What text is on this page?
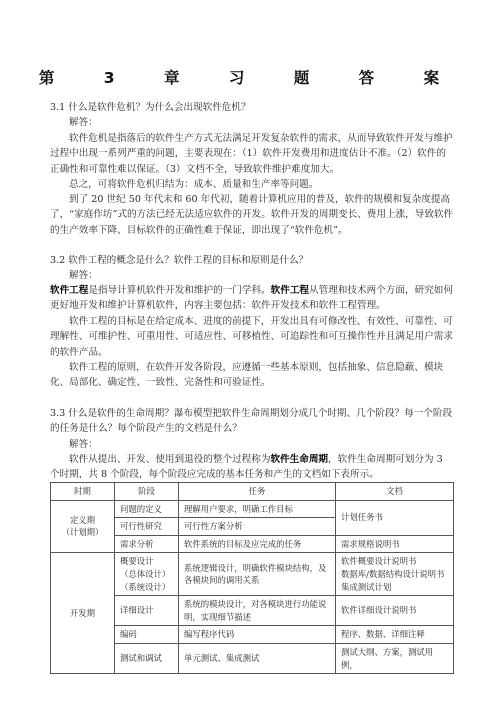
第 3 章 习 题 答 案
3.1 什么是软件危机？为什么会出现软件危机？
解答：
软件危机是指落后的软件生产方式无法满足开发复杂软件的需求，从而导致软件开发与维护过程中出现一系列严重的问题，主要表现在：（1）软件开发费用和进度估计不准。（2）软件的正确性和可靠性难以保证。（3）文档不全，导致软件维护难度加大。
总之，可将软件危机归结为：成本、质量和生产率等问题。
到了 20 世纪 50 年代末和 60 年代初，随着计算机应用的普及，软件的规模和复杂度提高了，“家庭作坊”式的方法已经无法适应软件的开发。软件开发的周期变长、费用上涨，导致软件的生产效率下降、目标软件的正确性难于保证，即出现了“软件危机”。
3.2 软件工程的概念是什么？软件工程的目标和原则是什么？
解答：
软件工程是指导计算机软件开发和维护的一门学科。软件工程从管理和技术两个方面，研究如何更好地开发和维护计算机软件，内容主要包括：软件开发技术和软件工程管理。
软件工程的目标是在给定成本、进度的前提下，开发出具有可修改性、有效性、可靠性、可理解性、可维护性、可重用性、可适应性、可移植性、可追踪性和可互操作性并且满足用户需求的软件产品。
软件工程的原则，在软件开发各阶段，应遵循一些基本原则，包括抽象、信息隐蔽、模块化、局部化、确定性、一致性、完备性和可验证性。
3.3 什么是软件的生命周期？瀑布模型把软件生命周期划分成几个时期、几个阶段？每一个阶段的任务是什么？每个阶段产生的文档是什么？
解答：
软件从提出、开发、使用到退役的整个过程称为软件生命周期，软件生命周期可划分为 3 个时期，共 8 个阶段，每个阶段应完成的基本任务和产生的文档如下表所示。
时期	阶段	任务	文档
定义期
（计划期）	问题的定义	理解用户要求，明确工作目标	计划任务书
	可行性研究	可行性方案分析	
	需求分析	软件系统的目标及应完成的任务	需求规格说明书
开发期	概要设计
（总体设计）
（系统设计）	系统逻辑设计，明确软件模块结构，及各模块间的调用关系	软件概要设计说明书
数据库/数据结构设计说明书
集成测试计划
	详细设计	系统的模块设计，对各模块进行功能说明，实现细节描述	软件详细设计说明书
	编码	编写程序代码	程序、数据、详细注释
	测试和调试	单元测试、集成测试	测试大纲、方案，测试用例，
